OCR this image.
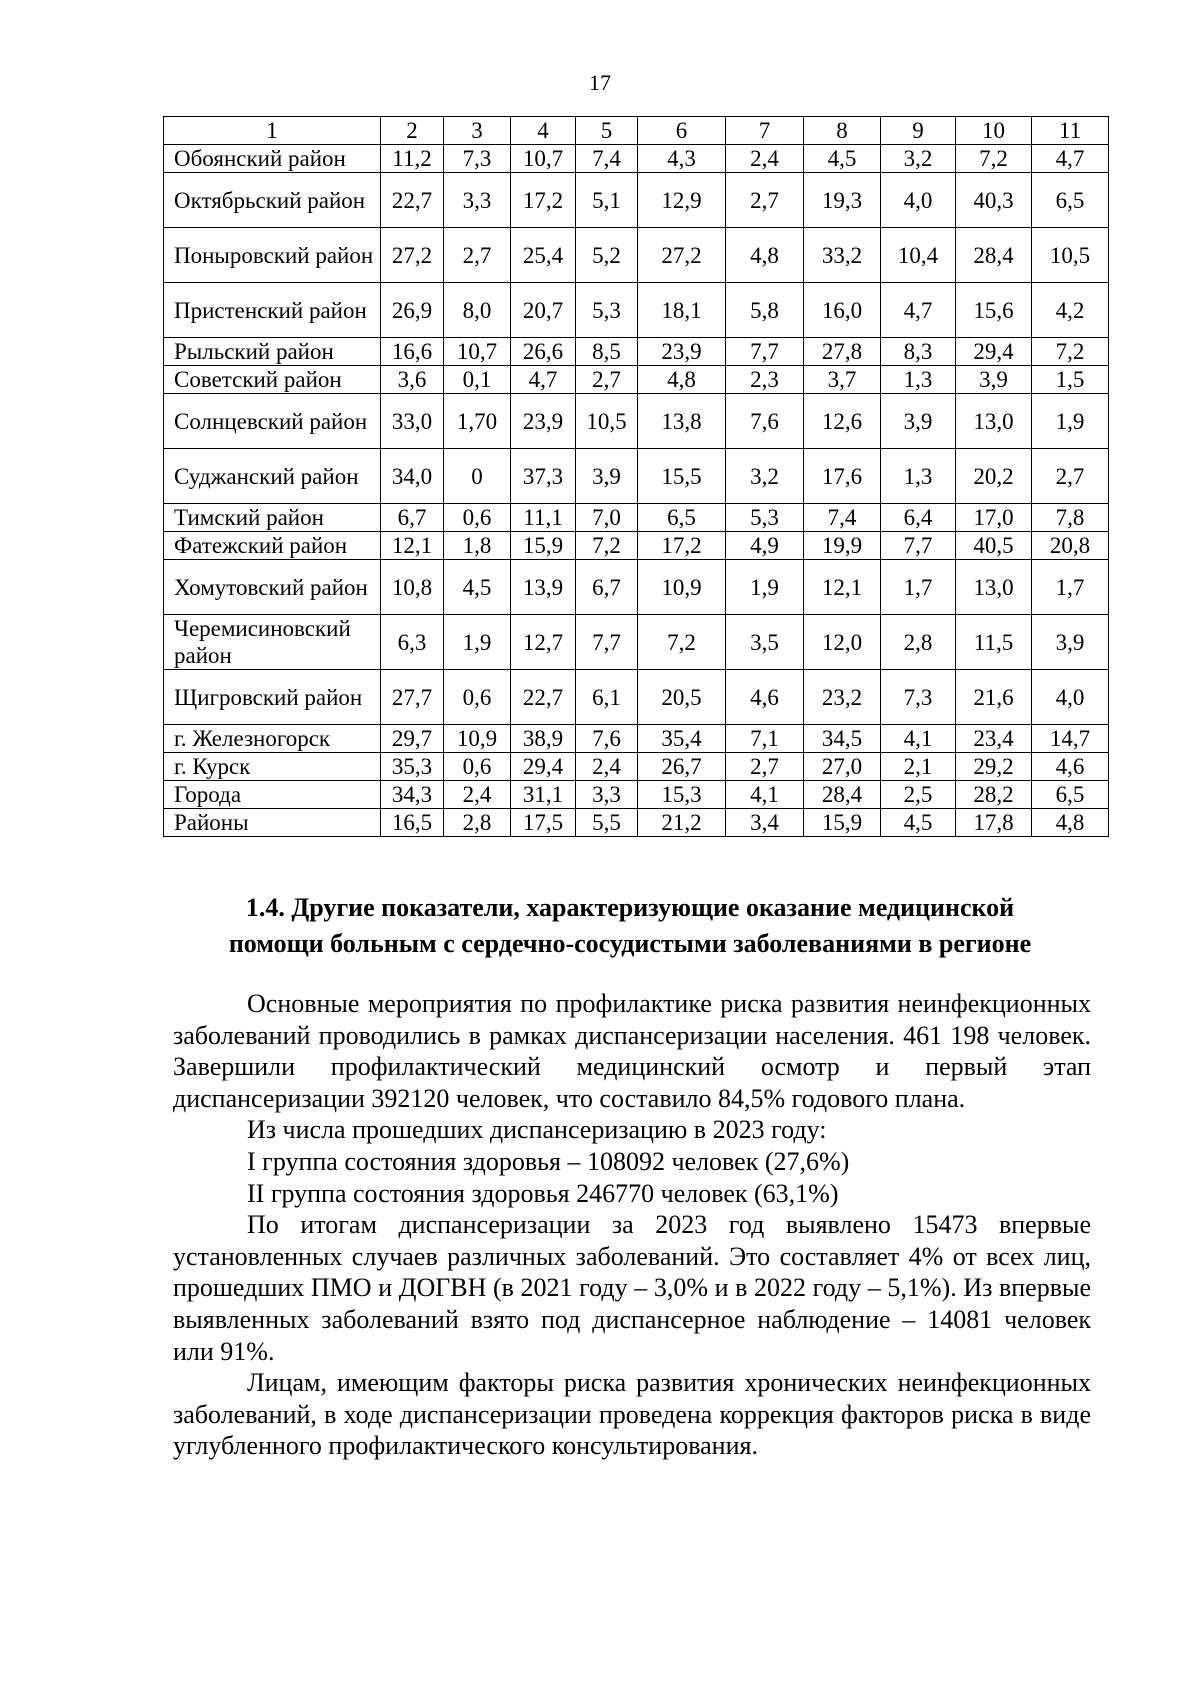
17
1	2	3	4	5	6	7	8	9	10	11
Обоянский район	11,2	7,3	10,7	7,4	4,3	2,4	4,5	3,2	7,2	4,7
Октябрьский район	22,7	3,3	17,2	5,1	12,9	2,7	19,3	4,0	40,3	6,5
Поныровский район	27,2	2,7	25,4	5,2	27,2	4,8	33,2	10,4	28,4	10,5
Пристенский район	26,9	8,0	20,7	5,3	18,1	5,8	16,0	4,7	15,6	4,2
Рыльский район	16,6	10,7	26,6	8,5	23,9	7,7	27,8	8,3	29,4	7,2
Советский район	3,6	0,1	4,7	2,7	4,8	2,3	3,7	1,3	3,9	1,5
Солнцевский район	33,0	1,70	23,9	10,5	13,8	7,6	12,6	3,9	13,0	1,9
Суджанский район	34,0	0	37,3	3,9	15,5	3,2	17,6	1,3	20,2	2,7
Тимский район	6,7	0,6	11,1	7,0	6,5	5,3	7,4	6,4	17,0	7,8
Фатежский район	12,1	1,8	15,9	7,2	17,2	4,9	19,9	7,7	40,5	20,8
Хомутовский район	10,8	4,5	13,9	6,7	10,9	1,9	12,1	1,7	13,0	1,7
Черемисиновский район	6,3	1,9	12,7	7,7	7,2	3,5	12,0	2,8	11,5	3,9
Щигровский район	27,7	0,6	22,7	6,1	20,5	4,6	23,2	7,3	21,6	4,0
г. Железногорск	29,7	10,9	38,9	7,6	35,4	7,1	34,5	4,1	23,4	14,7
г. Курск	35,3	0,6	29,4	2,4	26,7	2,7	27,0	2,1	29,2	4,6
Города	34,3	2,4	31,1	3,3	15,3	4,1	28,4	2,5	28,2	6,5
Районы	16,5	2,8	17,5	5,5	21,2	3,4	15,9	4,5	17,8	4,8
1.4. Другие показатели, характеризующие оказание медицинской
помощи больным с сердечно-сосудистыми заболеваниями в регионе

Основные мероприятия по профилактике риска развития неинфекционных заболеваний проводились в рамках диспансеризации населения. 461 198 человек. Завершили профилактический медицинский осмотр и первый этап диспансеризации 392120 человек, что составило 84,5% годового плана.

Из числа прошедших диспансеризацию в 2023 году:

I группа состояния здоровья – 108092 человек (27,6%)

II группа состояния здоровья 246770 человек (63,1%)

По итогам диспансеризации за 2023 год выявлено 15473 впервые установленных случаев различных заболеваний. Это составляет 4% от всех лиц, прошедших ПМО и ДОГВН (в 2021 году – 3,0% и в 2022 году – 5,1%). Из впервые выявленных заболеваний взято под диспансерное наблюдение – 14081 человек или 91%.

Лицам, имеющим факторы риска развития хронических неинфекционных заболеваний, в ходе диспансеризации проведена коррекция факторов риска в виде углубленного профилактического консультирования.
